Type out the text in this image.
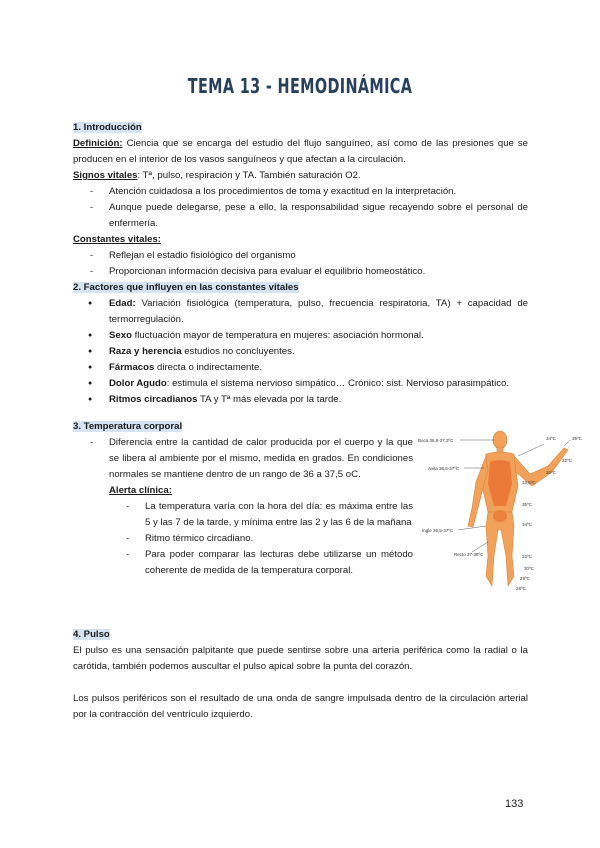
TEMA 13 - HEMODINÁMICA
1. Introducción
Definición: Ciencia que se encarga del estudio del flujo sanguíneo, así como de las presiones que se producen en el interior de los vasos sanguíneos y que afectan a la circulación.
Signos vitales: Tª, pulso, respiración y TA. También saturación O2.
- Atención cuidadosa a los procedimientos de toma y exactitud en la interpretación.
- Aunque puede delegarse, pese a ello, la responsabilidad sigue recayendo sobre el personal de enfermería.
Constantes vitales:
- Reflejan el estadio fisiológico del organismo
- Proporcionan información decisiva para evaluar el equilibrio homeostático.
2. Factores que influyen en las constantes vitales
● Edad: Variación fisiológica (temperatura, pulso, frecuencia respiratoria, TA) + capacidad de termorregulación.
● Sexo fluctuación mayor de temperatura en mujeres: asociación hormonal.
● Raza y herencia estudios no concluyentes.
● Fármacos directa o indirectamente.
● Dolor Agudo: estimula el sistema nervioso simpático… Crónico: sist. Nervioso parasimpático.
● Ritmos circadianos TA y Tª más elevada por la tarde.
3. Temperatura corporal
- Diferencia entre la cantidad de calor producida por el cuerpo y la que se libera al ambiente por el mismo, medida en grados. En condiciones normales se mantiene dentro de un rango de 36 a 37,5 oC.
Alerta clínica:
- La temperatura varía con la hora del día: es máxima entre las 5 y las 7 de la tarde, y mínima entre las 2 y las 6 de la mañana
- Ritmo térmico circadiano.
- Para poder comparar las lecturas debe utilizarse un método coherente de medida de la temperatura corporal.
Boca 36,8-37,3ºC
Axila 36,5-37ºC
Ingle 36,5-37ºC
Recto 37-38ºC
34ºC	35ºC
32ºC
30ºC
33,5ºC
35ºC
34ºC
32ºC
30ºC
29ºC
28ºC
4. Pulso
El pulso es una sensación palpitante que puede sentirse sobre una arteria periférica como la radial o la carótida, también podemos auscultar el pulso apical sobre la punta del corazón.
Los pulsos periféricos son el resultado de una onda de sangre impulsada dentro de la circulación arterial por la contracción del ventrículo izquierdo.
133
